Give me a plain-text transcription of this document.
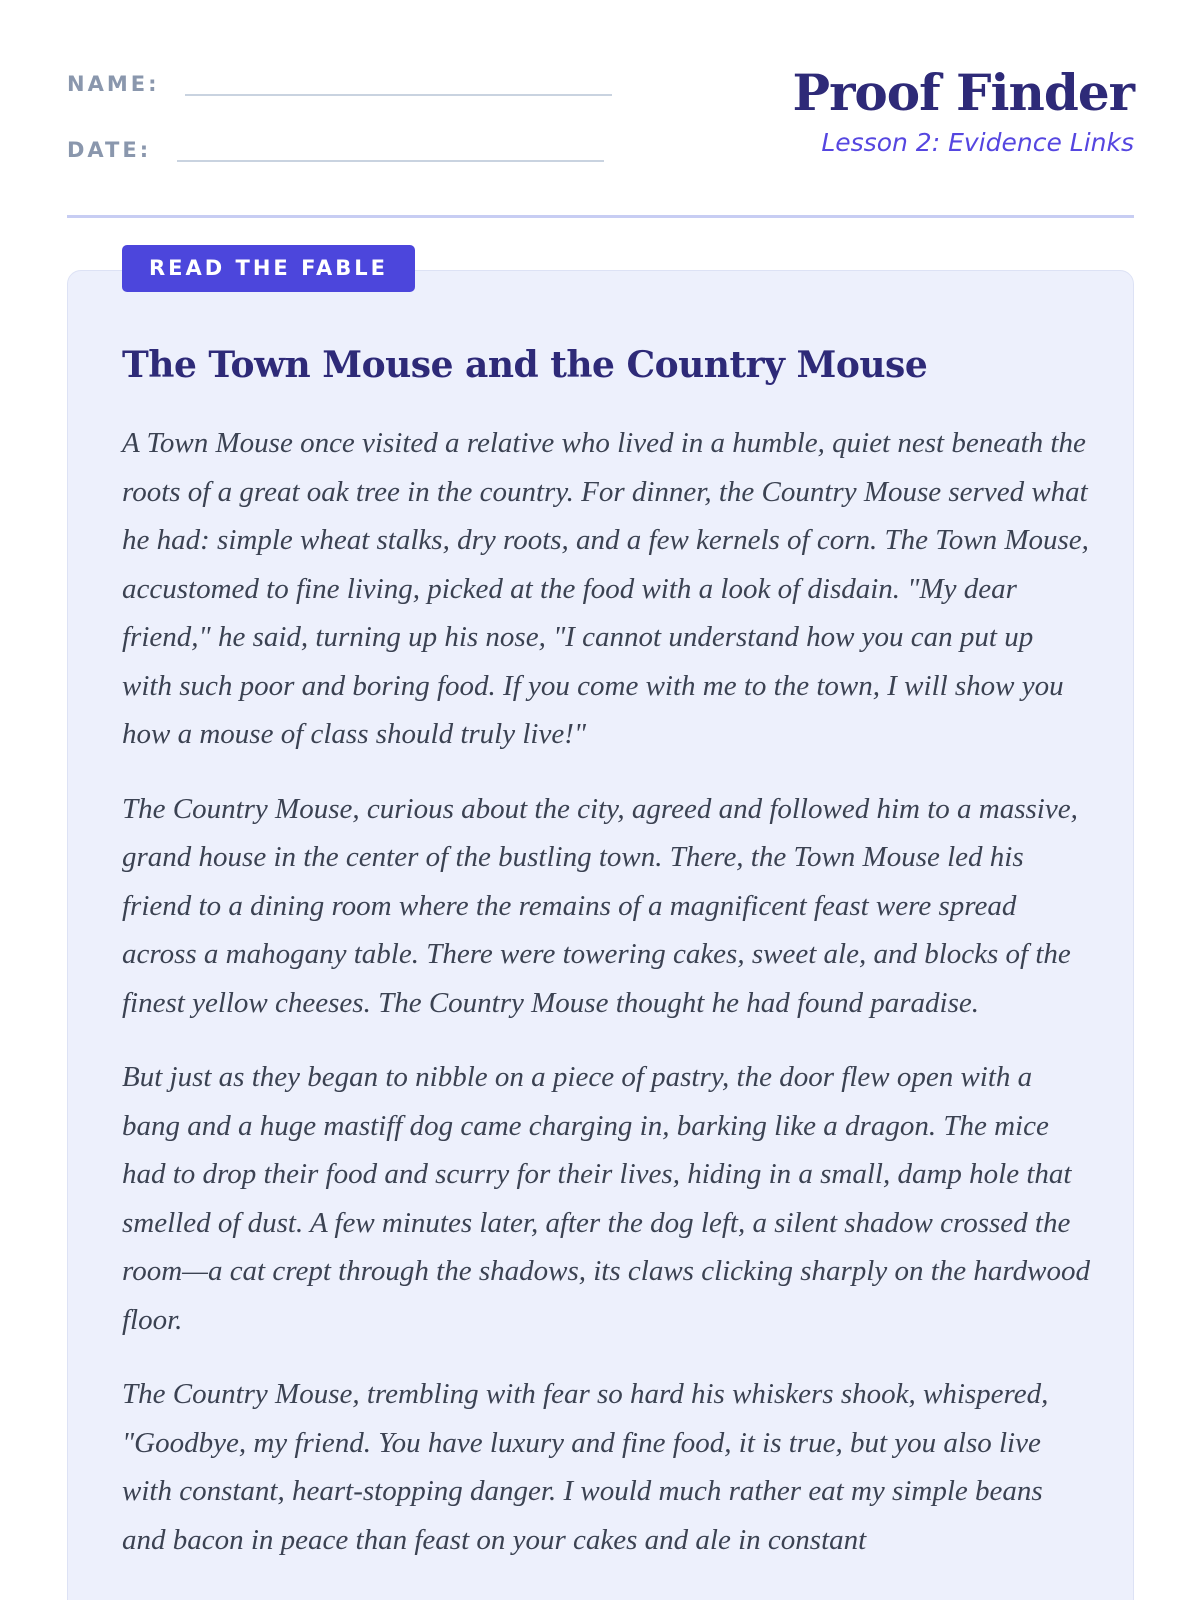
NAME:
DATE:
Proof Finder
Lesson 2: Evidence Links
READ THE FABLE
The Town Mouse and the Country Mouse

A Town Mouse once visited a relative who lived in a humble, quiet nest beneath the roots of a great oak tree in the country. For dinner, the Country Mouse served what he had: simple wheat stalks, dry roots, and a few kernels of corn. The Town Mouse, accustomed to fine living, picked at the food with a look of disdain. "My dear friend," he said, turning up his nose, "I cannot understand how you can put up with such poor and boring food. If you come with me to the town, I will show you how a mouse of class should truly live!"

The Country Mouse, curious about the city, agreed and followed him to a massive, grand house in the center of the bustling town. There, the Town Mouse led his friend to a dining room where the remains of a magnificent feast were spread across a mahogany table. There were towering cakes, sweet ale, and blocks of the finest yellow cheeses. The Country Mouse thought he had found paradise.

But just as they began to nibble on a piece of pastry, the door flew open with a bang and a huge mastiff dog came charging in, barking like a dragon. The mice had to drop their food and scurry for their lives, hiding in a small, damp hole that smelled of dust. A few minutes later, after the dog left, a silent shadow crossed the room—a cat crept through the shadows, its claws clicking sharply on the hardwood floor.

The Country Mouse, trembling with fear so hard his whiskers shook, whispered, "Goodbye, my friend. You have luxury and fine food, it is true, but you also live with constant, heart-stopping danger. I would much rather eat my simple beans and bacon in peace than feast on your cakes and ale in constant
